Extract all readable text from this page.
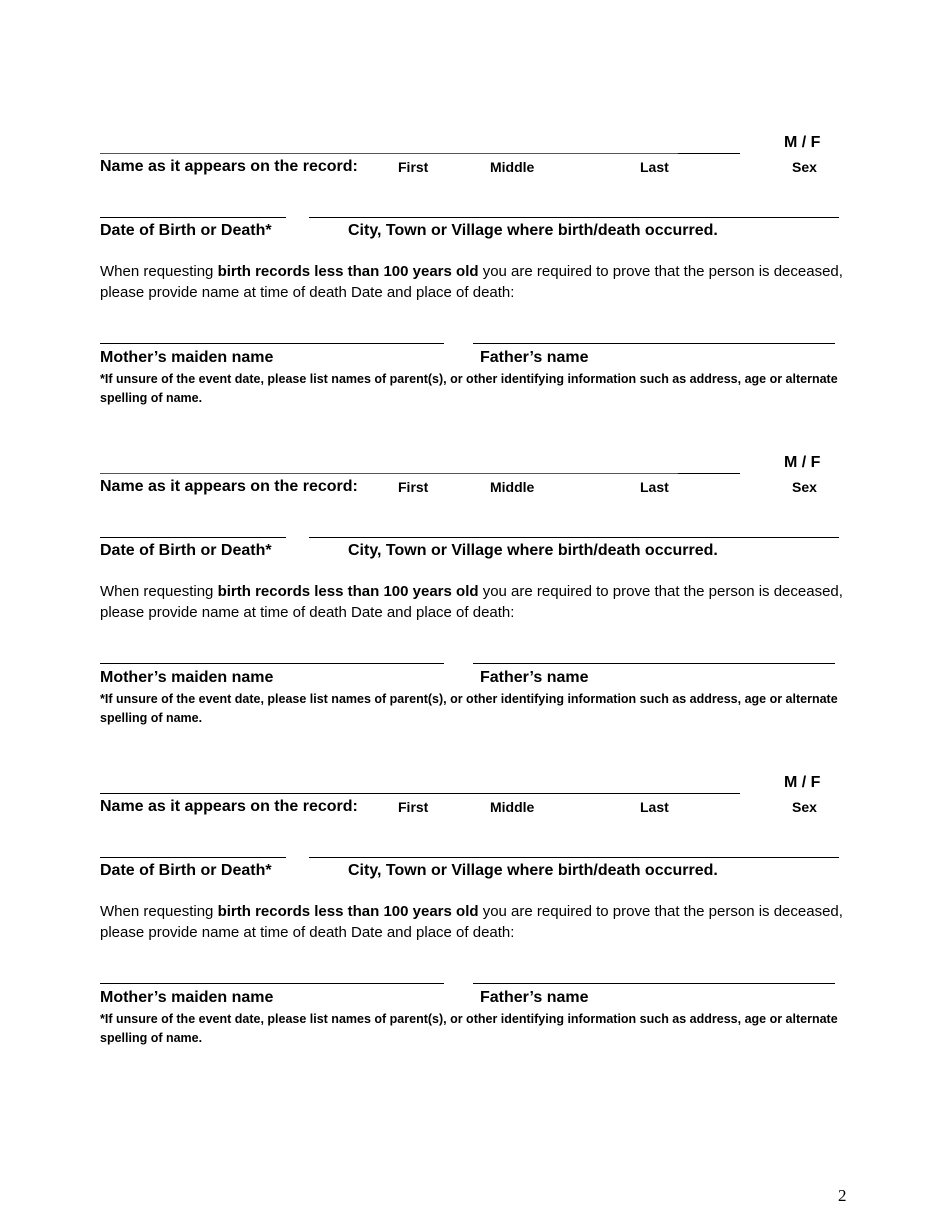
M / F
Name as it appears on the record:	First	Middle	Last	Sex
Date of Birth or Death*	City, Town or Village where birth/death occurred.
When requesting birth records less than 100 years old you are required to prove that the person is deceased, please provide name at time of death Date and place of death:
Mother’s maiden name	Father’s name
*If unsure of the event date, please list names of parent(s), or other identifying information such as address, age or alternate spelling of name.
M / F
Name as it appears on the record:	First	Middle	Last	Sex
Date of Birth or Death*	City, Town or Village where birth/death occurred.
When requesting birth records less than 100 years old you are required to prove that the person is deceased, please provide name at time of death Date and place of death:
Mother’s maiden name	Father’s name
*If unsure of the event date, please list names of parent(s), or other identifying information such as address, age or alternate spelling of name.
M / F
Name as it appears on the record:	First	Middle	Last	Sex
Date of Birth or Death*	City, Town or Village where birth/death occurred.
When requesting birth records less than 100 years old you are required to prove that the person is deceased, please provide name at time of death Date and place of death:
Mother’s maiden name	Father’s name
*If unsure of the event date, please list names of parent(s), or other identifying information such as address, age or alternate spelling of name.
2
